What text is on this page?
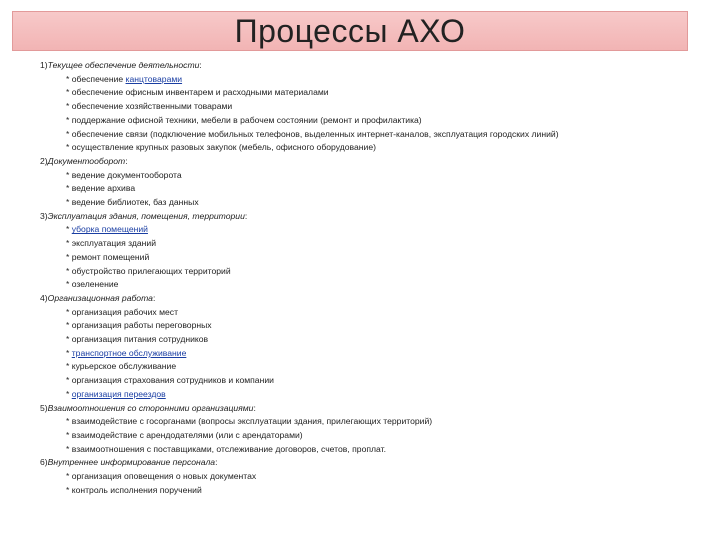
Процессы АХО
1)Текущее обеспечение деятельности:
* обеспечение канцтоварами
* обеспечение офисным инвентарем и расходными материалами
* обеспечение хозяйственными товарами
* поддержание офисной техники, мебели в рабочем состоянии (ремонт и профилактика)
* обеспечение связи (подключение мобильных телефонов, выделенных интернет-каналов, эксплуатация городских линий)
* осуществление крупных разовых закупок (мебель, офисного оборудование)
2)Документооборот:
* ведение документооборота
* ведение архива
* ведение библиотек, баз данных
3)Эксплуатация здания, помещения, территории:
* уборка помещений
* эксплуатация зданий
* ремонт помещений
* обустройство прилегающих территорий
* озеленение
4)Организационная работа:
* организация рабочих мест
* организация работы переговорных
* организация питания сотрудников
* транспортное обслуживание
* курьерское обслуживание
* организация страхования сотрудников и компании
* организация переездов
5)Взаимоотношения со сторонними организациями:
* взаимодействие с госорганами (вопросы эксплуатации здания, прилегающих территорий)
* взаимодействие с арендодателями (или с арендаторами)
* взаимоотношения с поставщиками, отслеживание договоров, счетов, проплат.
6)Внутреннее информирование персонала:
* организация оповещения о новых документах
* контроль исполнения поручений
